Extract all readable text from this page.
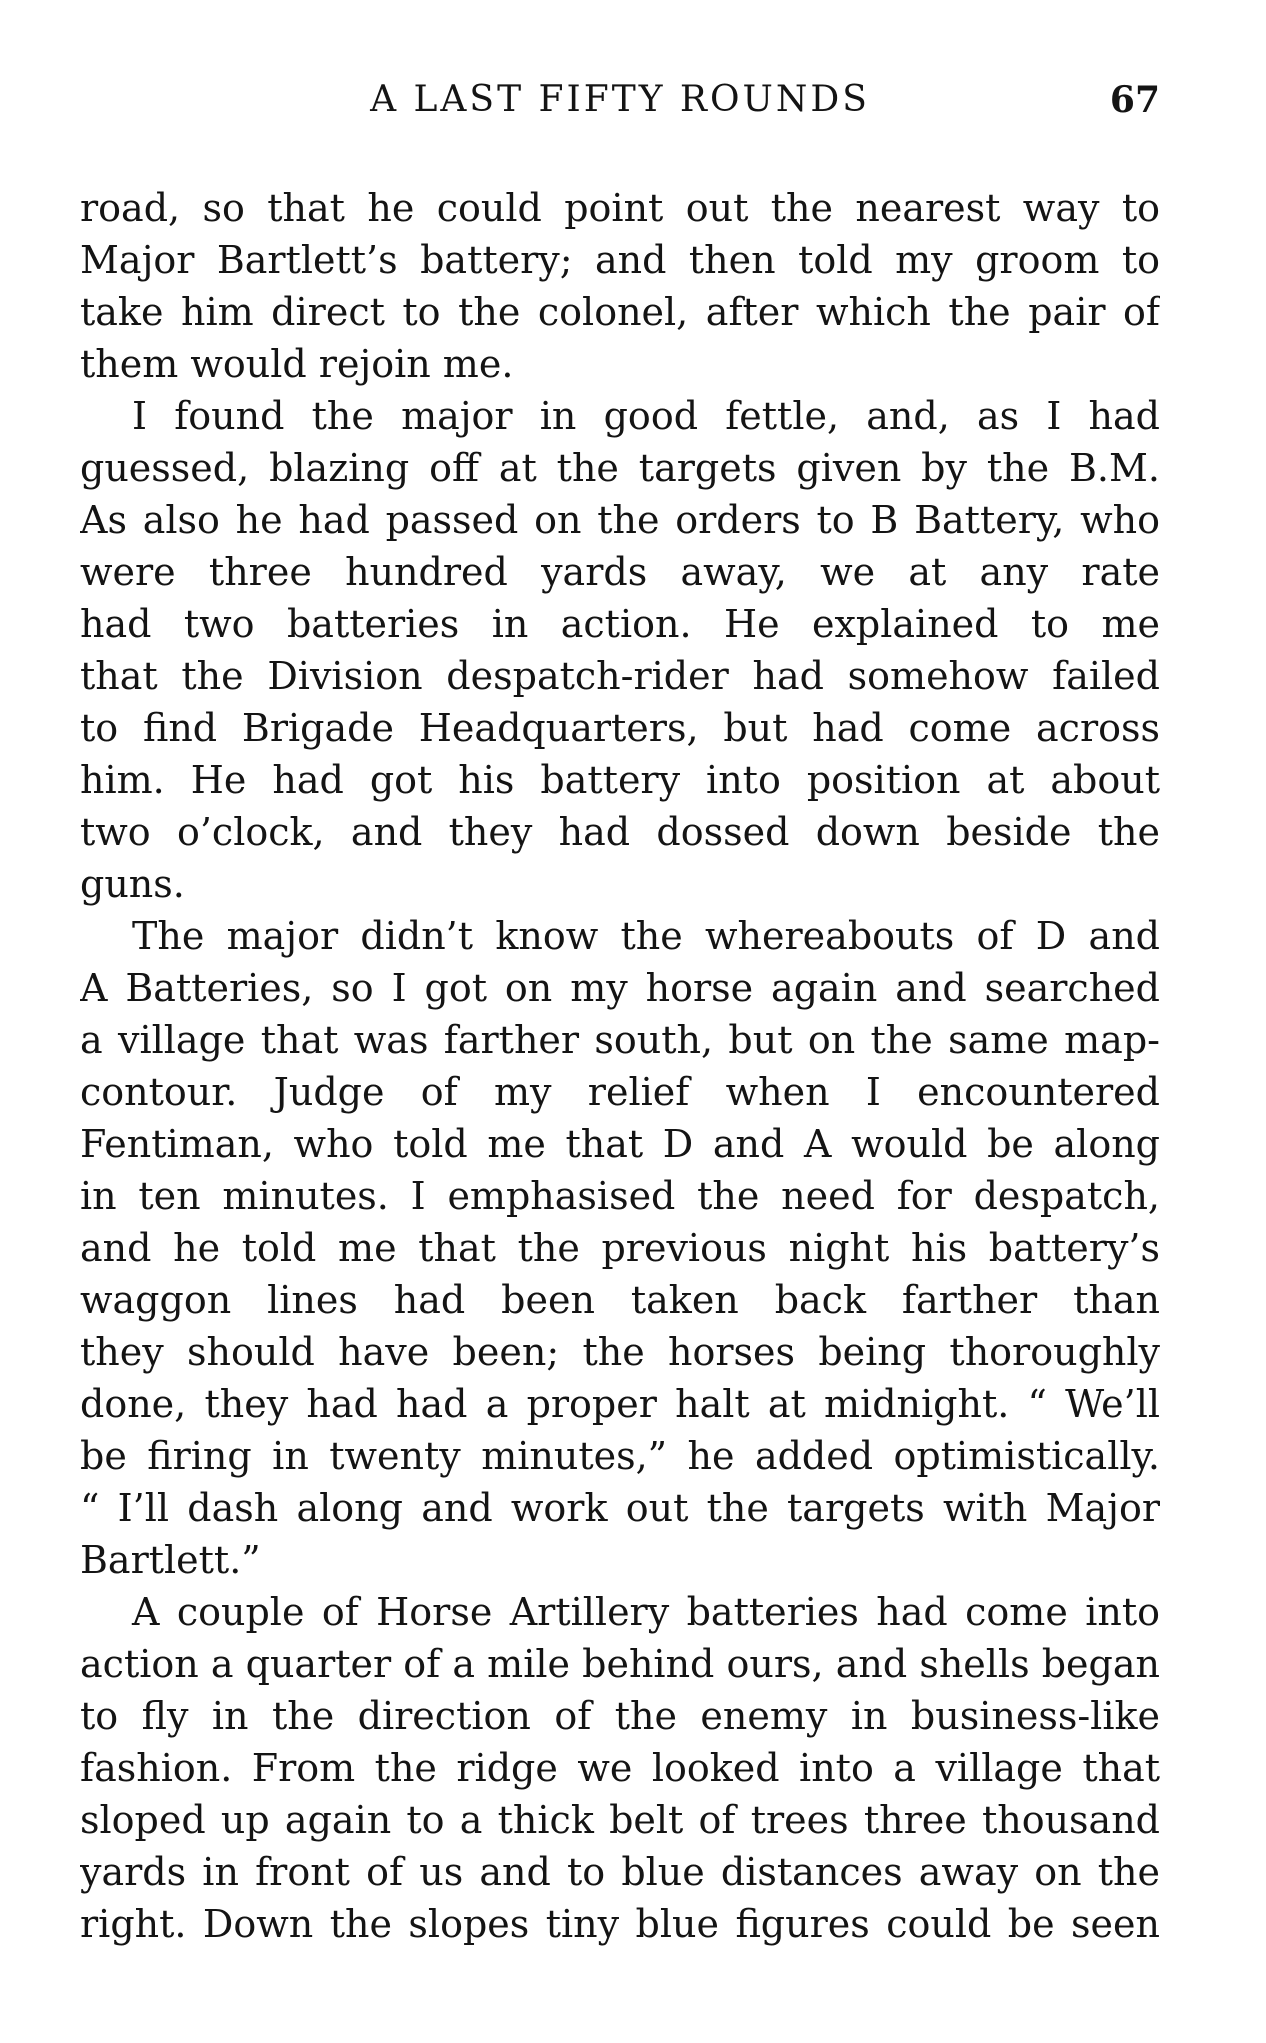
A LAST FIFTY ROUNDS	67

road, so that he could point out the nearest way to
Major Bartlett’s battery; and then told my groom to
take him direct to the colonel, after which the pair of
them would rejoin me.

I found the major in good fettle, and, as I had
guessed, blazing off at the targets given by the B.M.
As also he had passed on the orders to B Battery, who
were three hundred yards away, we at any rate
had two batteries in action. He explained to me
that the Division despatch-rider had somehow failed
to find Brigade Headquarters, but had come across
him. He had got his battery into position at about
two o’clock, and they had dossed down beside the
guns.

The major didn’t know the whereabouts of D and
A Batteries, so I got on my horse again and searched
a village that was farther south, but on the same map-
contour. Judge of my relief when I encountered
Fentiman, who told me that D and A would be along
in ten minutes. I emphasised the need for despatch,
and he told me that the previous night his battery’s
waggon lines had been taken back farther than
they should have been; the horses being thoroughly
done, they had had a proper halt at midnight. “ We’ll
be firing in twenty minutes,” he added optimistically.
“ I’ll dash along and work out the targets with Major
Bartlett.”

A couple of Horse Artillery batteries had come into
action a quarter of a mile behind ours, and shells began
to fly in the direction of the enemy in business-like
fashion. From the ridge we looked into a village that
sloped up again to a thick belt of trees three thousand
yards in front of us and to blue distances away on the
right. Down the slopes tiny blue figures could be seen
